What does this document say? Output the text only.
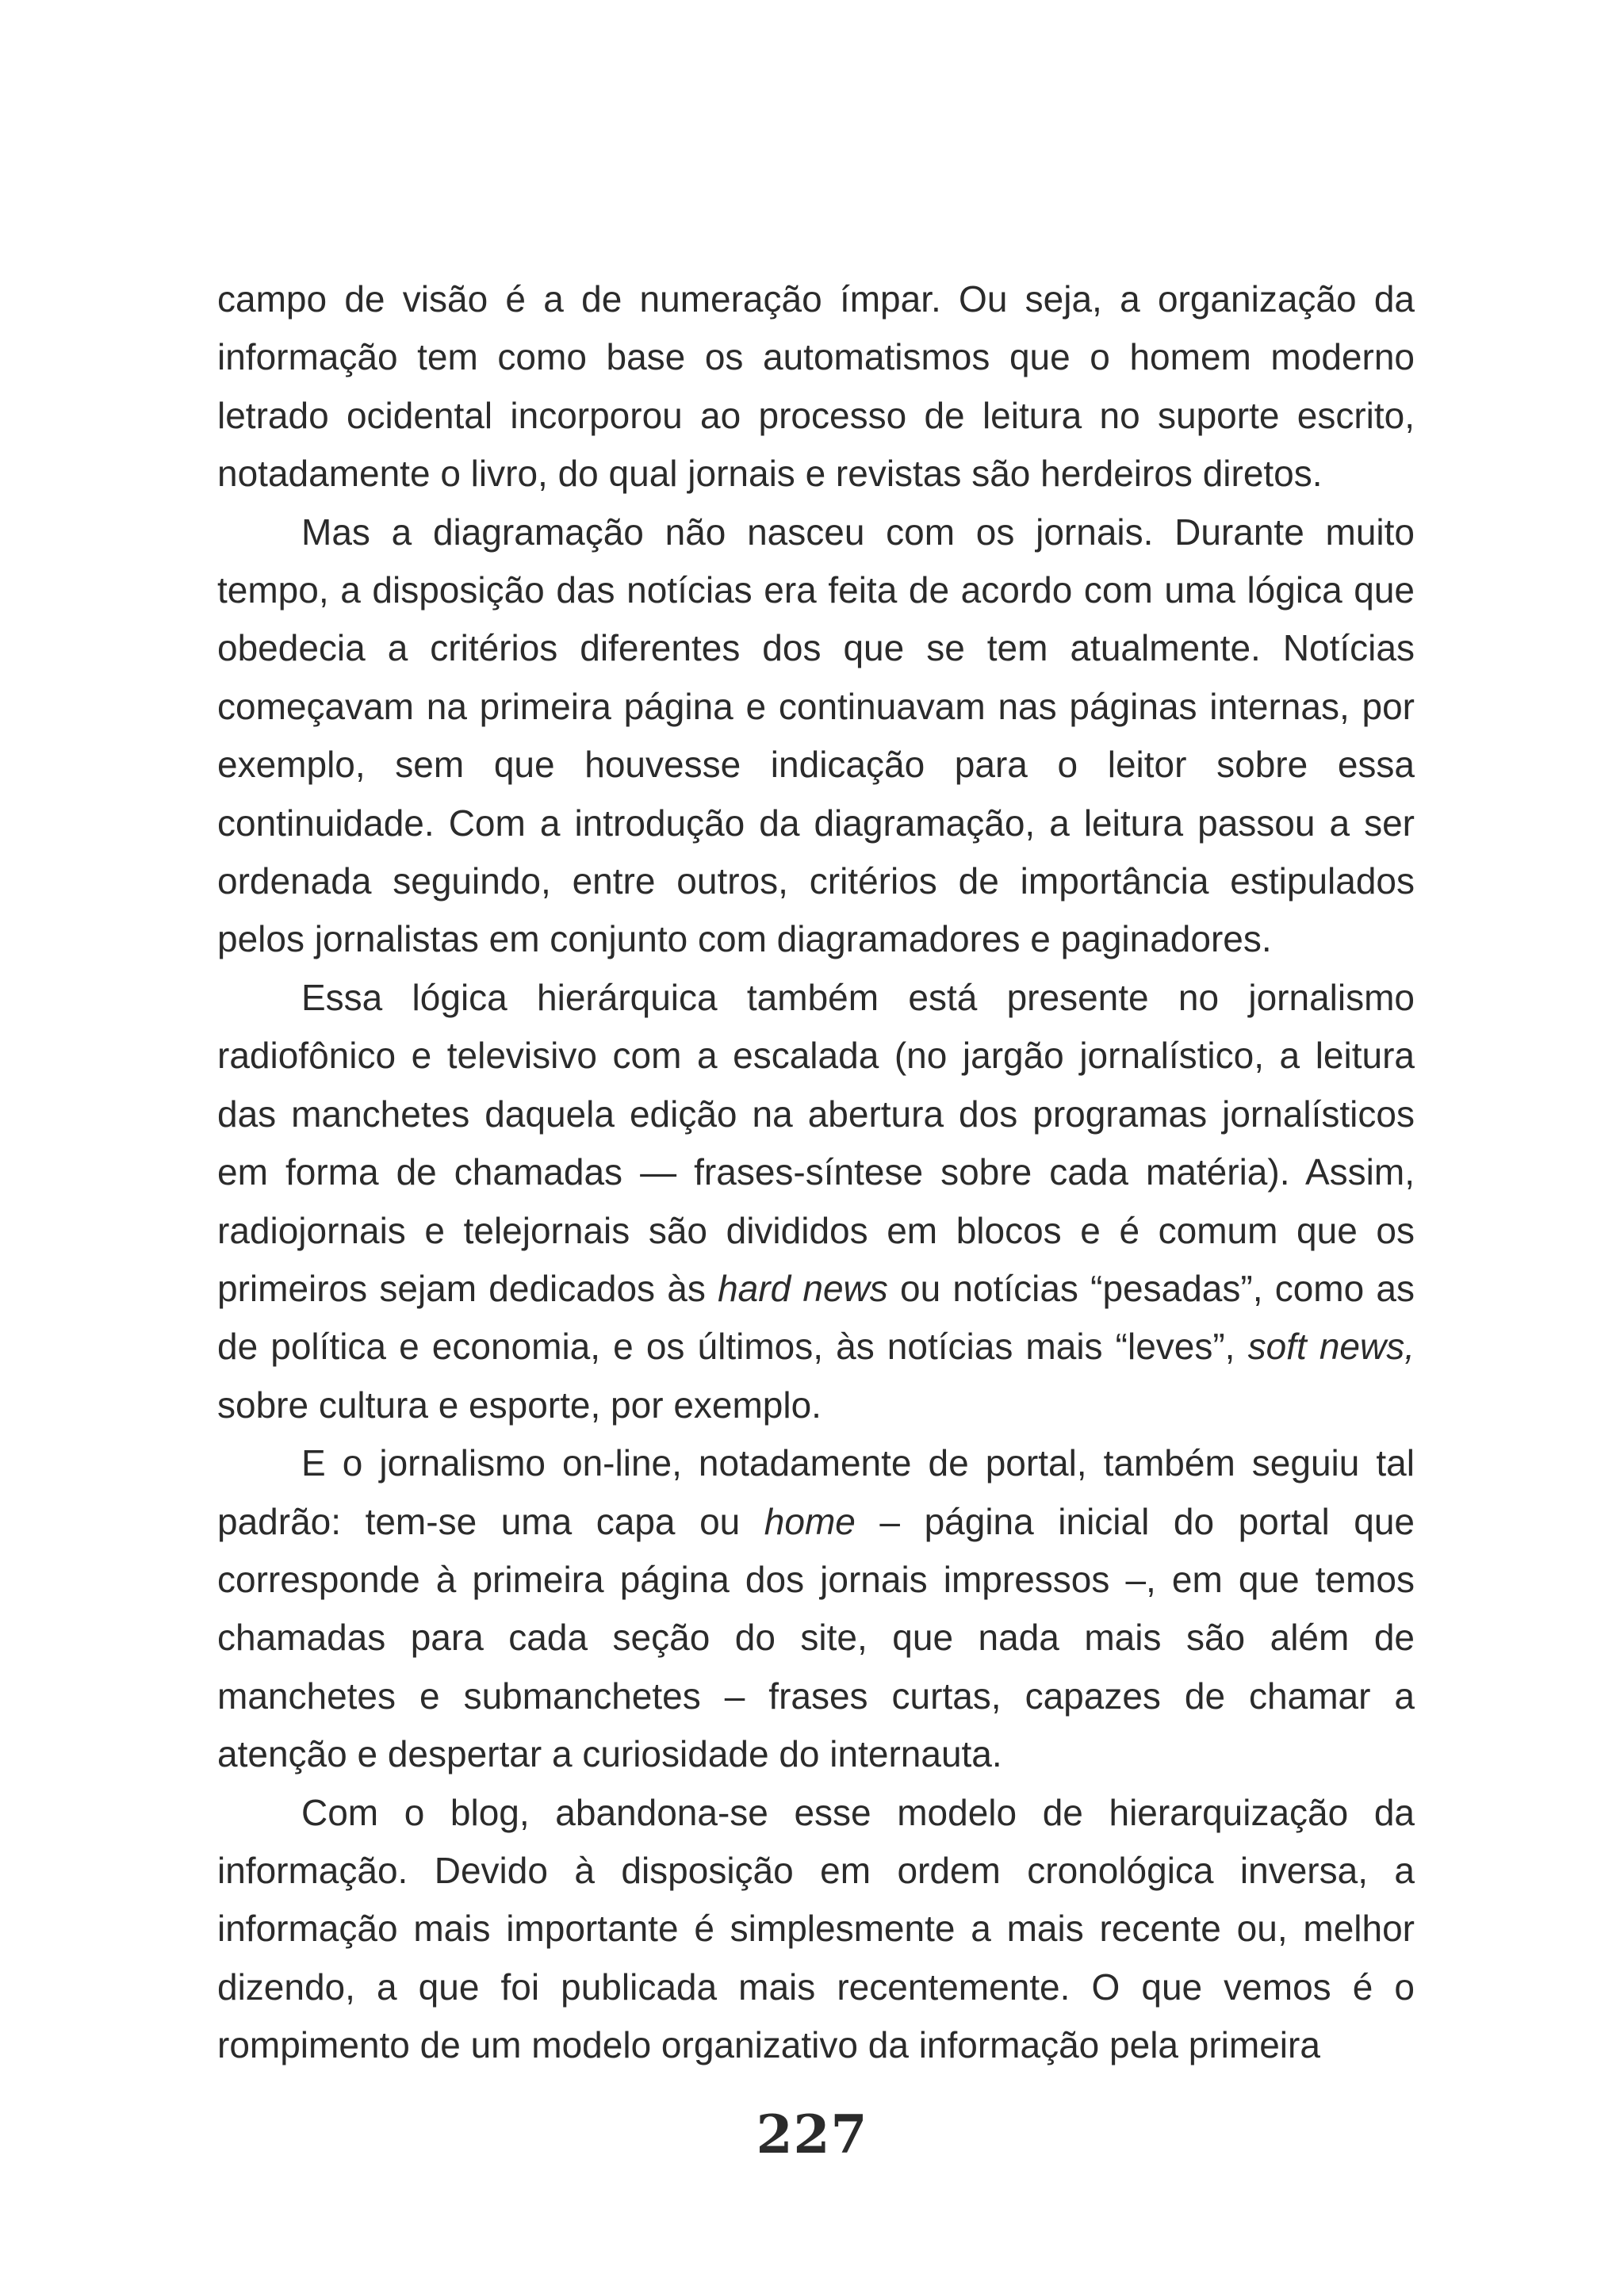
campo de visão é a de numeração ímpar. Ou seja, a organização da informação tem como base os automatismos que o homem moderno letrado ocidental incorporou ao processo de leitura no suporte escrito, notadamente o livro, do qual jornais e revistas são herdeiros diretos.

Mas a diagramação não nasceu com os jornais. Durante muito tempo, a disposição das notícias era feita de acordo com uma lógica que obedecia a critérios diferentes dos que se tem atualmente. Notícias começavam na primeira página e continuavam nas páginas internas, por exemplo, sem que houvesse indicação para o leitor sobre essa continuidade. Com a introdução da diagramação, a leitura passou a ser ordenada seguindo, entre outros, critérios de importância estipulados pelos jornalistas em conjunto com diagramadores e paginadores.

Essa lógica hierárquica também está presente no jornalismo radiofônico e televisivo com a escalada (no jargão jornalístico, a leitura das manchetes daquela edição na abertura dos programas jornalísticos em forma de chamadas — frases-síntese sobre cada matéria). Assim, radiojornais e telejornais são divididos em blocos e é comum que os primeiros sejam dedicados às hard news ou notícias “pesadas”, como as de política e economia, e os últimos, às notícias mais “leves”, soft news, sobre cultura e esporte, por exemplo.

E o jornalismo on-line, notadamente de portal, também seguiu tal padrão: tem-se uma capa ou home – página inicial do portal que corresponde à primeira página dos jornais impressos –, em que temos chamadas para cada seção do site, que nada mais são além de manchetes e submanchetes – frases curtas, capazes de chamar a atenção e despertar a curiosidade do internauta.

Com o blog, abandona-se esse modelo de hierarquização da informação. Devido à disposição em ordem cronológica inversa, a informação mais importante é simplesmente a mais recente ou, melhor dizendo, a que foi publicada mais recentemente. O que vemos é o rompimento de um modelo organizativo da informação pela primeira

227
